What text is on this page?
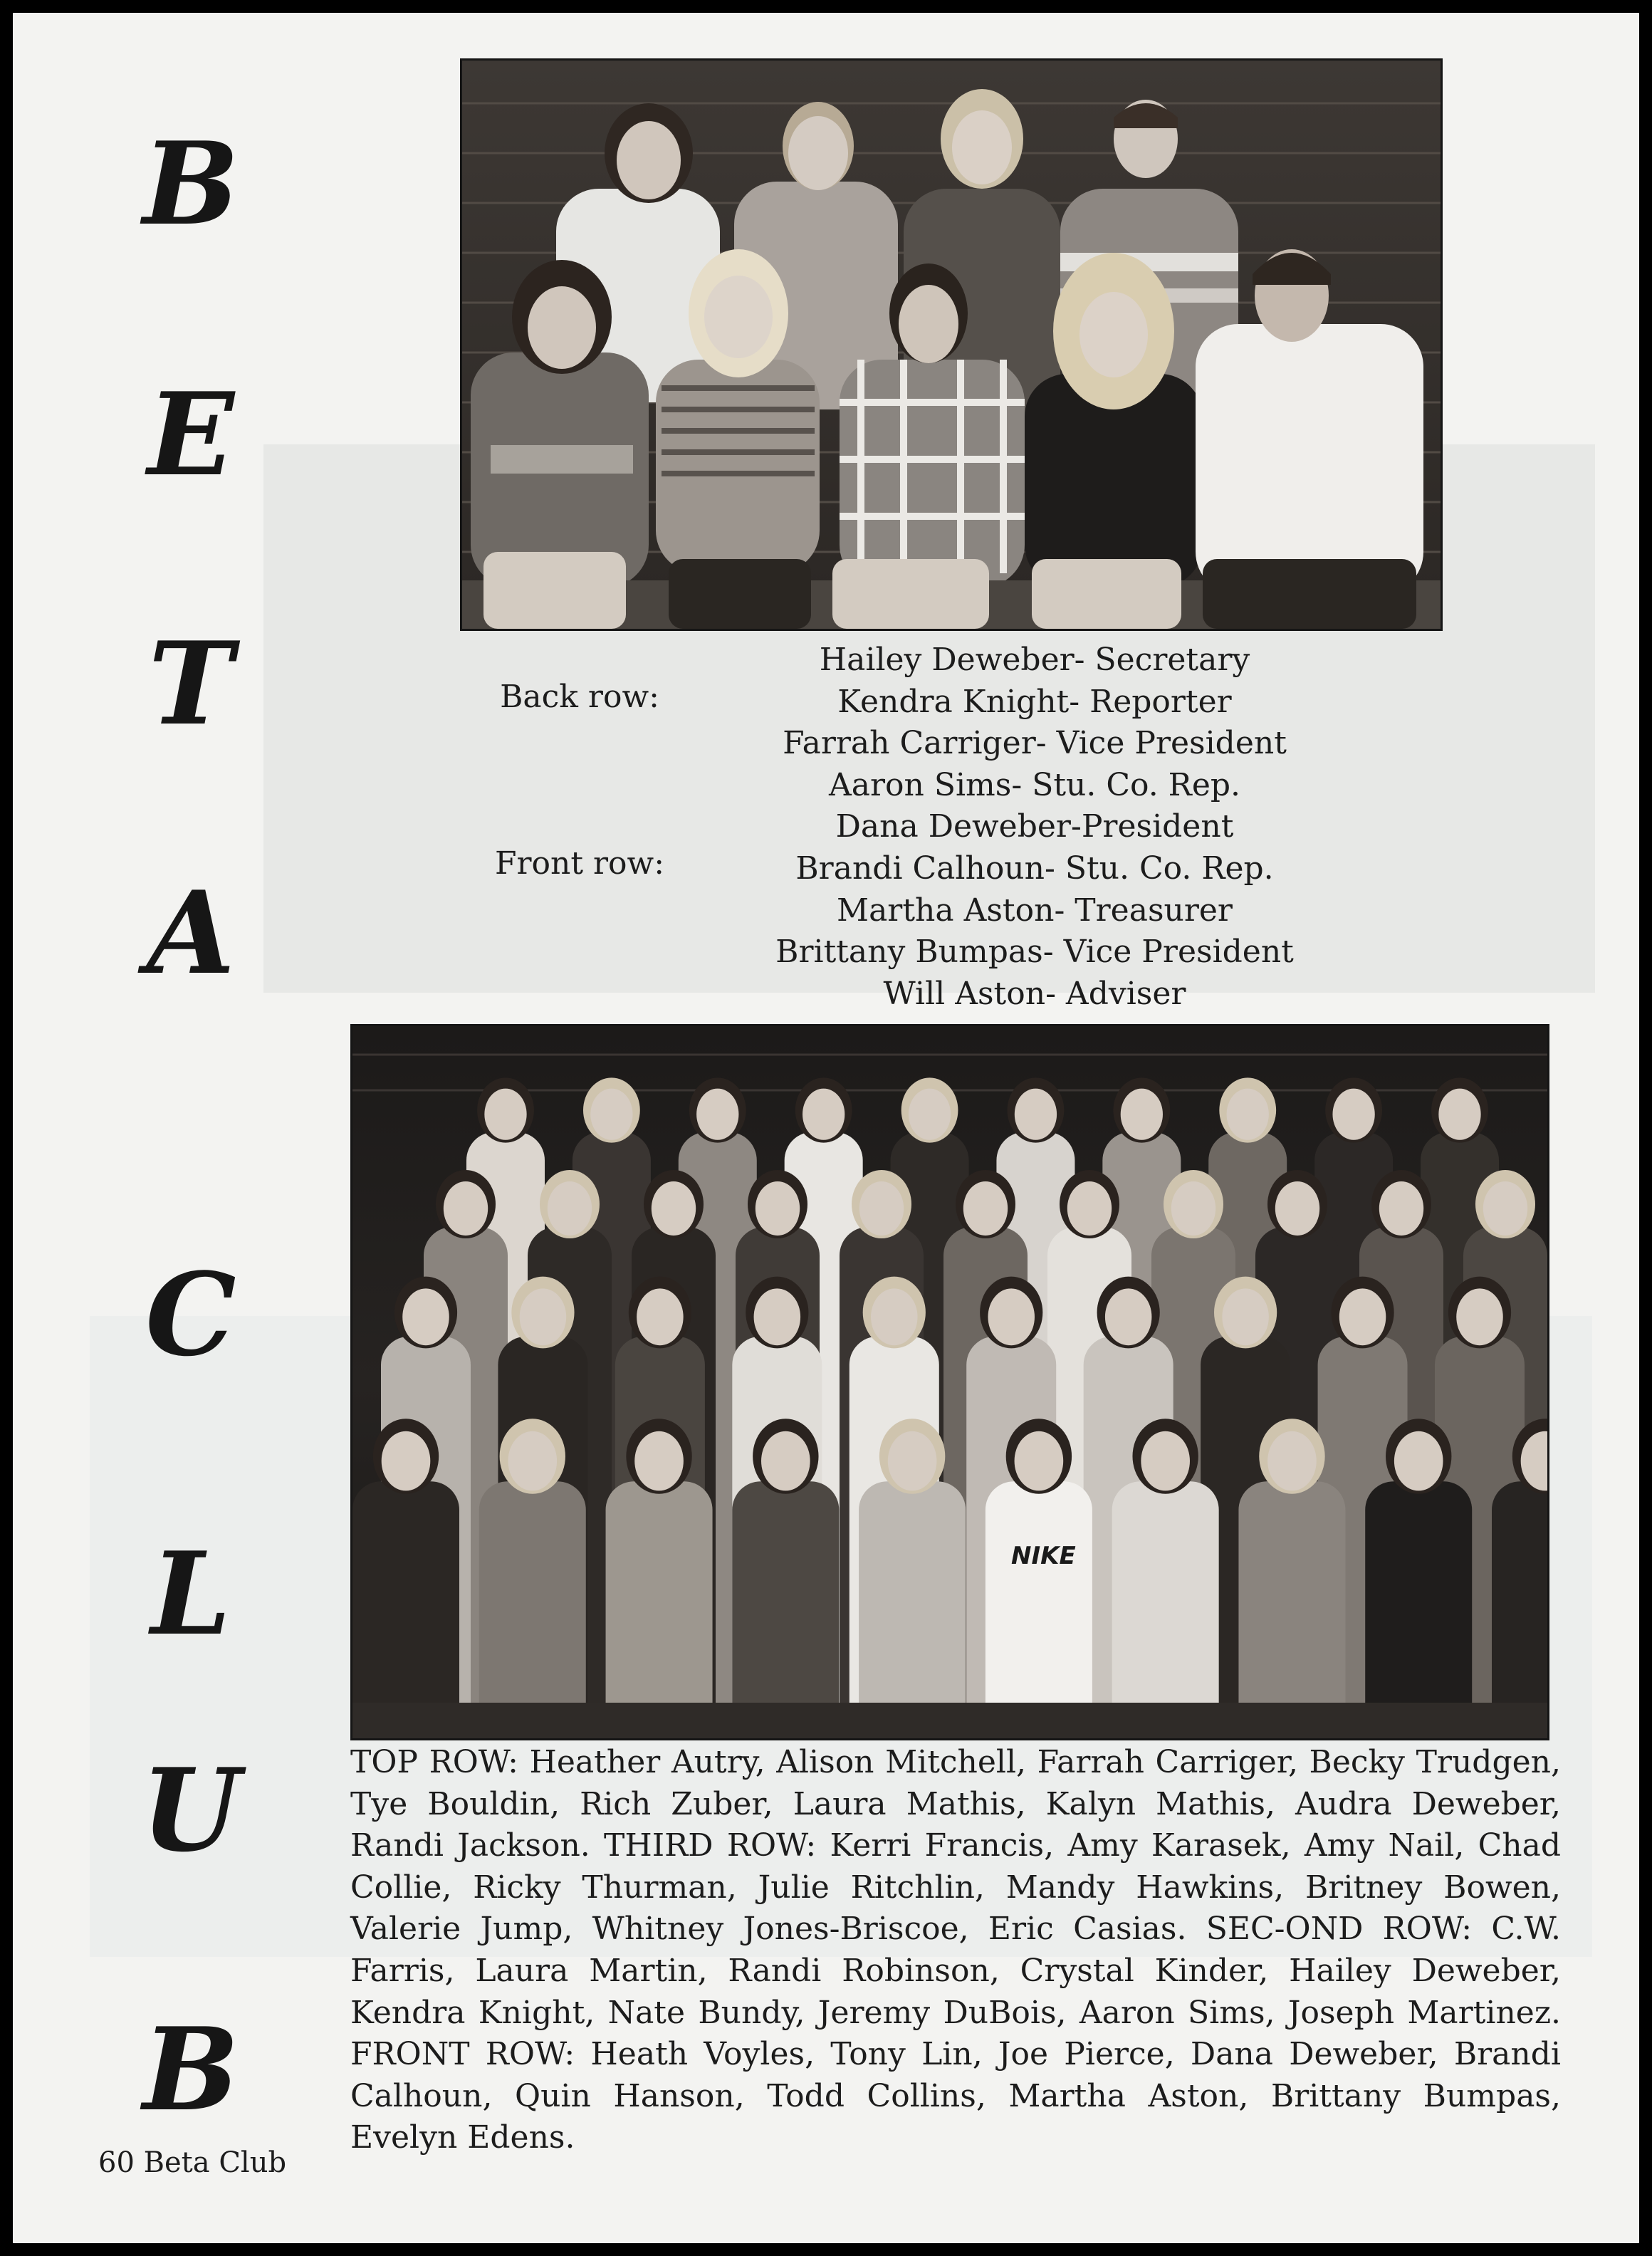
B
E
T
A
C
L
U
B
Back row:
Front row:
Hailey Deweber- Secretary
Kendra Knight- Reporter
Farrah Carriger- Vice President
Aaron Sims- Stu. Co. Rep.
Dana Deweber-President
Brandi Calhoun- Stu. Co. Rep.
Martha Aston- Treasurer
Brittany Bumpas- Vice President
Will Aston- Adviser
NIKE
TOP ROW: Heather Autry, Alison Mitchell, Farrah Carriger, Becky Trudgen, Tye Bouldin, Rich Zuber, Laura Mathis, Kalyn Mathis, Audra Deweber, Randi Jackson. THIRD ROW: Kerri Francis, Amy Karasek, Amy Nail, Chad Collie, Ricky Thurman, Julie Ritchlin, Mandy Hawkins, Britney Bowen, Valerie Jump, Whitney Jones-Briscoe, Eric Casias. SEC-OND ROW: C.W. Farris, Laura Martin, Randi Robinson, Crystal Kinder, Hailey Deweber, Kendra Knight, Nate Bundy, Jeremy DuBois, Aaron Sims, Joseph Martinez. FRONT ROW: Heath Voyles, Tony Lin, Joe Pierce, Dana Deweber, Brandi Calhoun, Quin Hanson, Todd Collins, Martha Aston, Brittany Bumpas, Evelyn Edens.
60 Beta Club
